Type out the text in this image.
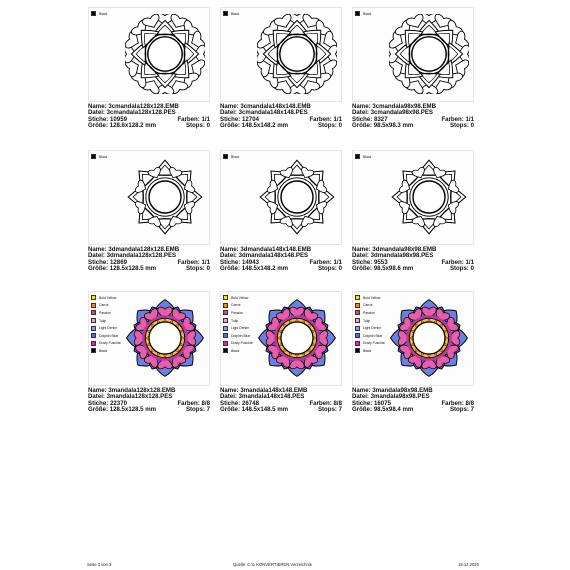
Black
Name: 3cmandala128x128.EMB
Datei: 3cmandala128x128.PES
Stiche: 10959	Farben: 1/1
Größe: 128.6x128.2 mm	Stops: 0
Black
Name: 3cmandala148x148.EMB
Datei: 3cmandala148x148.PES
Stiche: 12704	Farben: 1/1
Größe: 148.5x148.2 mm	Stops: 0
Black
Name: 3cmandala98x98.EMB
Datei: 3cmandala98x98.PES
Stiche: 8327	Farben: 1/1
Größe: 98.5x98.3 mm	Stops: 0
Black
Name: 3dmandala128x128.EMB
Datei: 3dmandala128x128.PES
Stiche: 12869	Farben: 1/1
Größe: 128.5x128.5 mm	Stops: 0
Black
Name: 3dmandala148x148.EMB
Datei: 3dmandala148x148.PES
Stiche: 14943	Farben: 1/1
Größe: 148.5x148.2 mm	Stops: 0
Black
Name: 3dmandala98x98.EMB
Datei: 3dmandala98x98.PES
Stiche: 9553	Farben: 1/1
Größe: 98.5x98.6 mm	Stops: 0
Bold Yellow
Carrot
Passion
Tulip
Light Denim
Dolphin Blue
Dusty Fuschia
Black
Name: 3mandala128x128.EMB
Datei: 3mandala128x128.PES
Stiche: 22370	Farben: 8/8
Größe: 128.5x128.5 mm	Stops: 7
Bold Yellow
Carrot
Passion
Tulip
Light Denim
Dolphin Blue
Dusty Fuschia
Black
Name: 3mandala148x148.EMB
Datei: 3mandala148x148.PES
Stiche: 26748	Farben: 8/8
Größe: 148.5x148.5 mm	Stops: 7
Bold Yellow
Carrot
Passion
Tulip
Light Denim
Dolphin Blue
Dusty Fuschia
Black
Name: 3mandala98x98.EMB
Datei: 3mandala98x98.PES
Stiche: 16075	Farben: 8/8
Größe: 98.5x98.4 mm	Stops: 7
Seite 3 von 3	Quelle: C:\1 KONVERTIEREN Verzeichnis	18.12.2020
